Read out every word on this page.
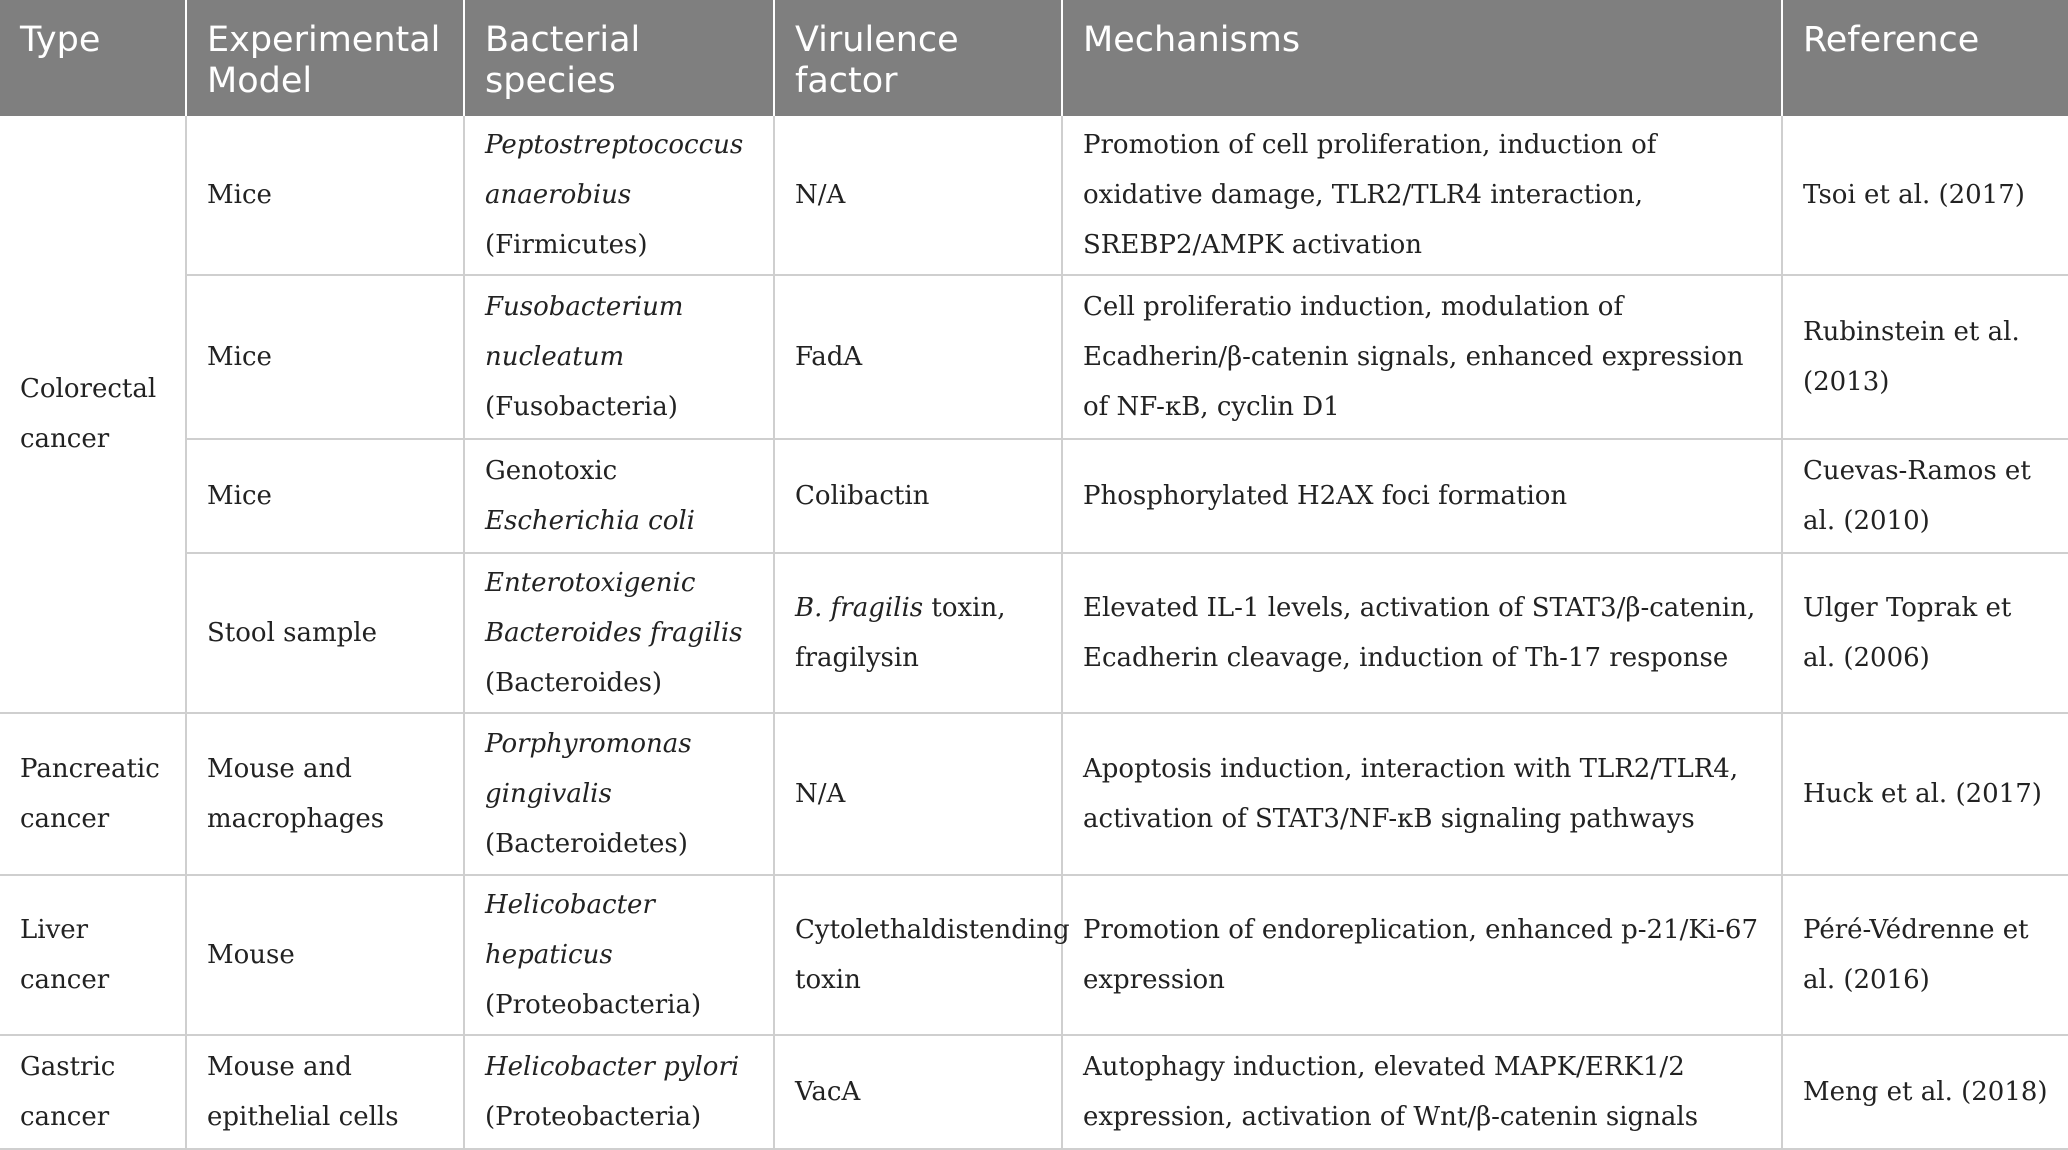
Type	Experimental Model	Bacterial species	Virulence factor	Mechanisms	Reference
Colorectal cancer	Mice	Peptostreptococcus anaerobius (Firmicutes)	N/A	Promotion of cell proliferation, induction of oxidative damage, TLR2/TLR4 interaction, SREBP2/AMPK activation	Tsoi et al. (2017)
	Mice	Fusobacterium nucleatum (Fusobacteria)	FadA	Cell proliferatio induction, modulation of Ecadherin/β-catenin signals, enhanced expression of NF-κB, cyclin D1	Rubinstein et al. (2013)
	Mice	Genotoxic Escherichia coli	Colibactin	Phosphorylated H2AX foci formation	Cuevas-Ramos et al. (2010)
	Stool sample	Enterotoxigenic Bacteroides fragilis (Bacteroides)	B. fragilis toxin, fragilysin	Elevated IL-1 levels, activation of STAT3/β-catenin, Ecadherin cleavage, induction of Th-17 response	Ulger Toprak et al. (2006)
Pancreatic cancer	Mouse and macrophages	Porphyromonas gingivalis (Bacteroidetes)	N/A	Apoptosis induction, interaction with TLR2/TLR4, activation of STAT3/NF-κB signaling pathways	Huck et al. (2017)
Liver cancer	Mouse	Helicobacter hepaticus (Proteobacteria)	Cytolethaldistending toxin	Promotion of endoreplication, enhanced p-21/Ki-67 expression	Péré-Védrenne et al. (2016)
Gastric cancer	Mouse and epithelial cells	Helicobacter pylori (Proteobacteria)	VacA	Autophagy induction, elevated MAPK/ERK1/2 expression, activation of Wnt/β-catenin signals	Meng et al. (2018)
